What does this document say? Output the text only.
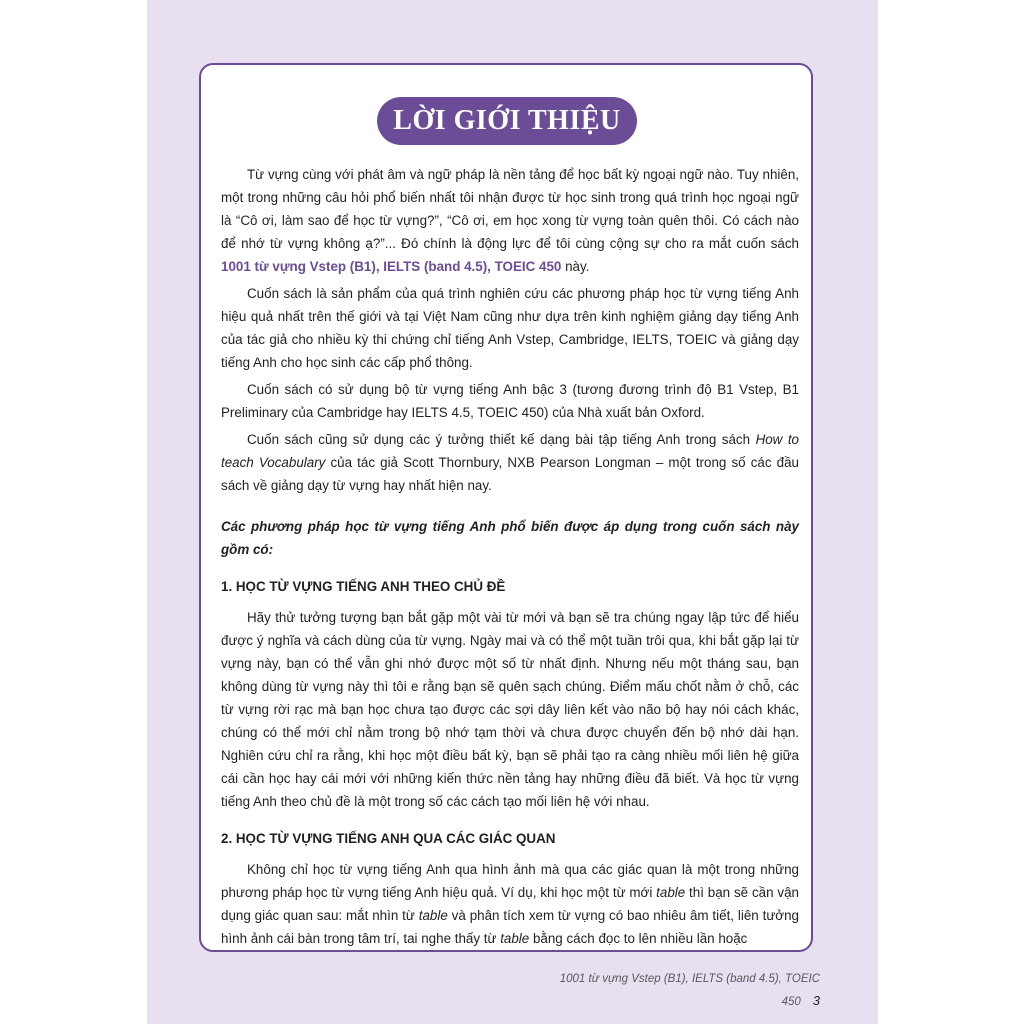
LỜI GIỚI THIỆU

Từ vựng cùng với phát âm và ngữ pháp là nền tảng để học bất kỳ ngoại ngữ nào. Tuy nhiên, một trong những câu hỏi phổ biến nhất tôi nhận được từ học sinh trong quá trình học ngoại ngữ là “Cô ơi, làm sao để học từ vựng?”, “Cô ơi, em học xong từ vựng toàn quên thôi. Có cách nào để nhớ từ vựng không ạ?”... Đó chính là động lực để tôi cùng cộng sự cho ra mắt cuốn sách 1001 từ vựng Vstep (B1), IELTS (band 4.5), TOEIC 450 này.

Cuốn sách là sản phẩm của quá trình nghiên cứu các phương pháp học từ vựng tiếng Anh hiệu quả nhất trên thế giới và tại Việt Nam cũng như dựa trên kinh nghiệm giảng dạy tiếng Anh của tác giả cho nhiều kỳ thi chứng chỉ tiếng Anh Vstep, Cambridge, IELTS, TOEIC và giảng dạy tiếng Anh cho học sinh các cấp phổ thông.

Cuốn sách có sử dụng bộ từ vựng tiếng Anh bậc 3 (tương đương trình độ B1 Vstep, B1 Preliminary của Cambridge hay IELTS 4.5, TOEIC 450) của Nhà xuất bản Oxford.

Cuốn sách cũng sử dụng các ý tưởng thiết kế dạng bài tập tiếng Anh trong sách How to teach Vocabulary của tác giả Scott Thornbury, NXB Pearson Longman – một trong số các đầu sách về giảng dạy từ vựng hay nhất hiện nay.

Các phương pháp học từ vựng tiếng Anh phổ biến được áp dụng trong cuốn sách này gồm có:

1. HỌC TỪ VỰNG TIẾNG ANH THEO CHỦ ĐỀ

Hãy thử tưởng tượng bạn bắt gặp một vài từ mới và bạn sẽ tra chúng ngay lập tức để hiểu được ý nghĩa và cách dùng của từ vựng. Ngày mai và có thể một tuần trôi qua, khi bắt gặp lại từ vựng này, bạn có thể vẫn ghi nhớ được một số từ nhất định. Nhưng nếu một tháng sau, bạn không dùng từ vựng này thì tôi e rằng bạn sẽ quên sạch chúng. Điểm mấu chốt nằm ở chỗ, các từ vựng rời rạc mà bạn học chưa tạo được các sợi dây liên kết vào não bộ hay nói cách khác, chúng có thể mới chỉ nằm trong bộ nhớ tạm thời và chưa được chuyển đến bộ nhớ dài hạn. Nghiên cứu chỉ ra rằng, khi học một điều bất kỳ, bạn sẽ phải tạo ra càng nhiều mối liên hệ giữa cái cần học hay cái mới với những kiến thức nền tảng hay những điều đã biết. Và học từ vựng tiếng Anh theo chủ đề là một trong số các cách tạo mối liên hệ với nhau.

2. HỌC TỪ VỰNG TIẾNG ANH QUA CÁC GIÁC QUAN

Không chỉ học từ vựng tiếng Anh qua hình ảnh mà qua các giác quan là một trong những phương pháp học từ vựng tiếng Anh hiệu quả. Ví dụ, khi học một từ mới table thì bạn sẽ cần vận dụng giác quan sau: mắt nhìn từ table và phân tích xem từ vựng có bao nhiêu âm tiết, liên tưởng hình ảnh cái bàn trong tâm trí, tai nghe thấy từ table bằng cách đọc to lên nhiều lần hoặc

1001 từ vựng Vstep (B1), IELTS (band 4.5), TOEIC 450 3
